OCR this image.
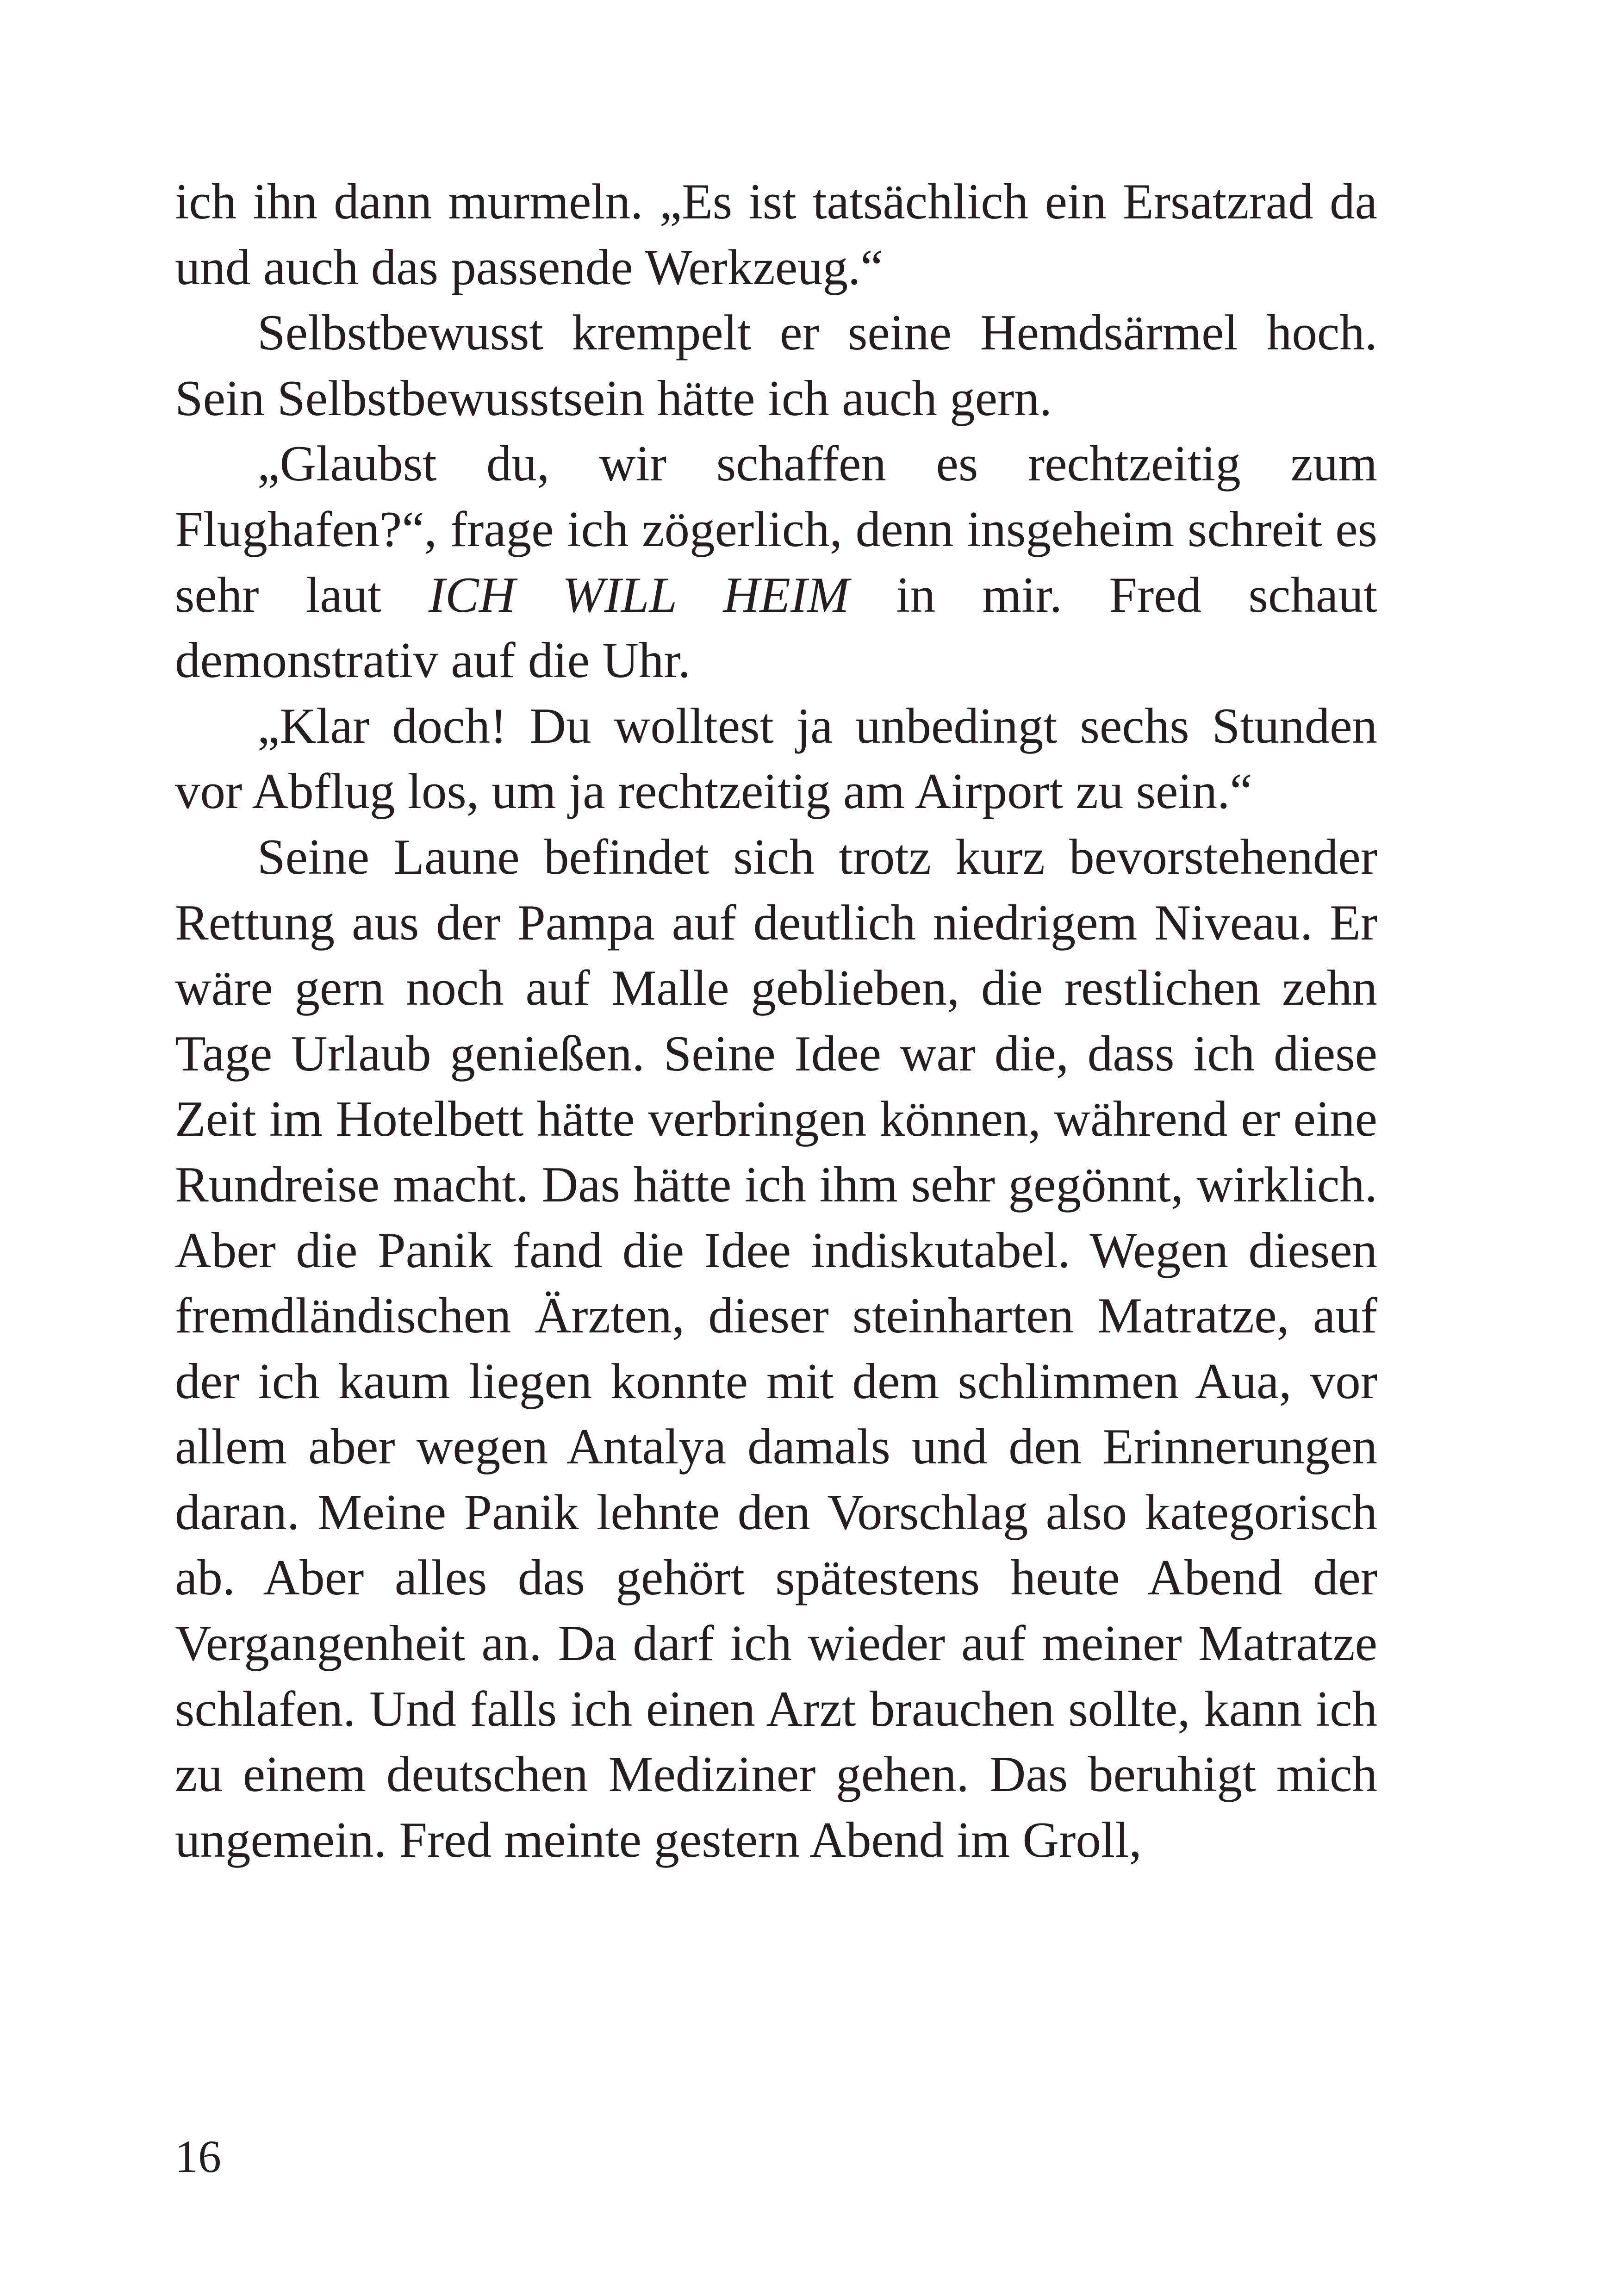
ich ihn dann murmeln. „Es ist tatsächlich ein Ersatzrad da und auch das passende Werkzeug.“

Selbstbewusst krempelt er seine Hemdsärmel hoch. Sein Selbstbewusstsein hätte ich auch gern.

„Glaubst du, wir schaffen es rechtzeitig zum Flughafen?“, frage ich zögerlich, denn insgeheim schreit es sehr laut ICH WILL HEIM in mir. Fred schaut demonstrativ auf die Uhr.

„Klar doch! Du wolltest ja unbedingt sechs Stunden vor Abflug los, um ja rechtzeitig am Airport zu sein.“

Seine Laune befindet sich trotz kurz bevorstehender Rettung aus der Pampa auf deutlich niedrigem Niveau. Er wäre gern noch auf Malle geblieben, die restlichen zehn Tage Urlaub genießen. Seine Idee war die, dass ich diese Zeit im Hotelbett hätte verbringen können, während er eine Rundreise macht. Das hätte ich ihm sehr gegönnt, wirklich. Aber die Panik fand die Idee indiskutabel. Wegen diesen fremdländischen Ärzten, dieser steinharten Matratze, auf der ich kaum liegen konnte mit dem schlimmen Aua, vor allem aber wegen Antalya damals und den Erinnerungen daran. Meine Panik lehnte den Vorschlag also kategorisch ab. Aber alles das gehört spätestens heute Abend der Vergangenheit an. Da darf ich wieder auf meiner Matratze schlafen. Und falls ich einen Arzt brauchen sollte, kann ich zu einem deutschen Mediziner gehen. Das beruhigt mich ungemein. Fred meinte gestern Abend im Groll,

16
